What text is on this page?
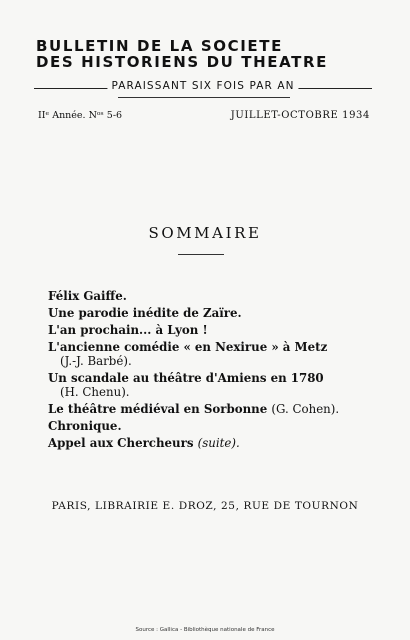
BULLETIN DE LA SOCIETE
DES HISTORIENS DU THEATRE
PARAISSANT SIX FOIS PAR AN
IIᵉ Année. Nᵒˢ 5-6	JUILLET-OCTOBRE 1934
SOMMAIRE
Félix Gaiffe.
Une parodie inédite de Zaïre.
L'an prochain... à Lyon !
L'ancienne comédie « en Nexirue » à Metz
(J.-J. Barbé).
Un scandale au théâtre d'Amiens en 1780
(H. Chenu).
Le théâtre médiéval en Sorbonne (G. Cohen).
Chronique.
Appel aux Chercheurs (suite).
PARIS, LIBRAIRIE E. DROZ, 25, RUE DE TOURNON
Source : Gallica - Bibliothèque nationale de France
